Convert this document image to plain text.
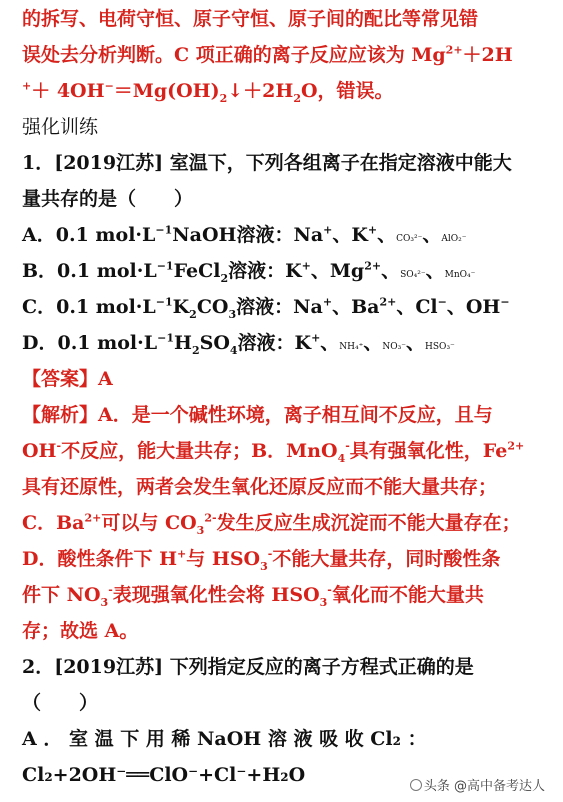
的拆写、电荷守恒、原子守恒、原子间的配比等常见错
误处去分析判断。C 项正确的离子反应应该为 $Mg^{2+}+2H$
$^++ 4OH^-=Mg(OH)_2↓+2H_2O$，错误。
强化训练
1．[2019江苏] 室温下，下列各组离子在指定溶液中能大
量共存的是（　　）
A．0.1 $mol\cdot L^{-1}NaOH$溶液：Na+、K+、CO₃²⁻、AlO₂⁻
B．0.1 $mol\cdot L^{-1}FeCl_2$溶液：K+、$Mg^{2+}$、SO₄²⁻、MnO₄⁻
C．0.1 $mol\cdot L^{-1}K_2CO_3$溶液：Na+、$Ba^{2+}$、Cl−、OH−
D．0.1 $mol\cdot L^{-1}H_2SO_4$溶液：K+、NH₄⁺、NO₃⁻、HSO₃⁻
【答案】A
【解析】A．是一个碱性环境，离子相互间不反应，且与
OH-不反应，能大量共存；B．MnO$_4$-具有强氧化性，$Fe^{2+}$
具有还原性，两者会发生氧化还原反应而不能大量共存；
C．$Ba^{2+}$可以与 $CO_3^{2-}$发生反应生成沉淀而不能大量存在；
D．酸性条件下 H+与 $HSO_3^-$不能大量共存，同时酸性条
件下 $NO_3^-$表现强氧化性会将 $HSO_3^-$氧化而不能大量共
存；故选 A。
2．[2019江苏] 下列指定反应的离子方程式正确的是
（　　）
A ． 室 温 下 用 稀 NaOH 溶 液 吸 收 Cl₂ ：
Cl₂+2OH⁻══ClO⁻+Cl⁻+H₂O
头条 @高中备考达人
